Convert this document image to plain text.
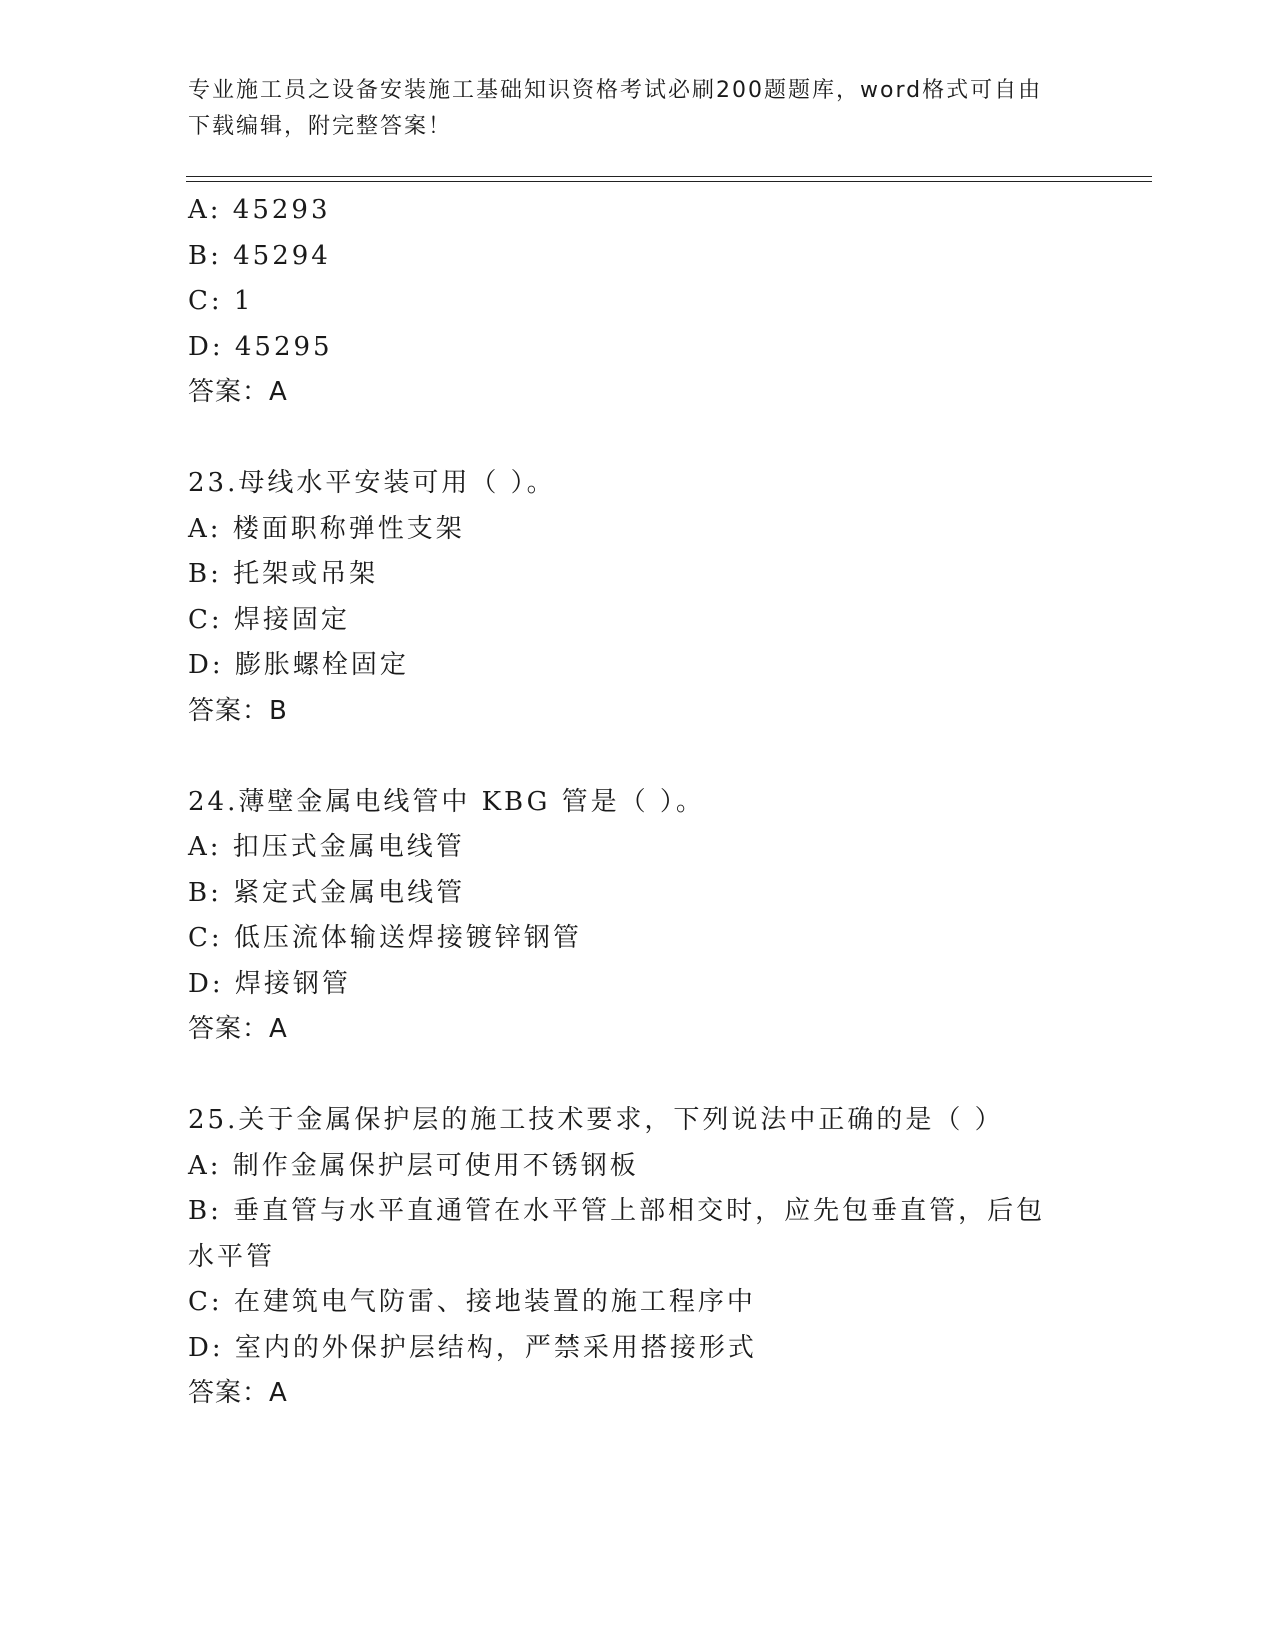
专业施工员之设备安装施工基础知识资格考试必刷200题题库，word格式可自由
下载编辑，附完整答案！
A: 45293
B: 45294
C: 1
D: 45295
答案：A
23.母线水平安装可用（ ）。
A: 楼面职称弹性支架
B: 托架或吊架
C: 焊接固定
D: 膨胀螺栓固定
答案：B
24.薄壁金属电线管中 KBG 管是（ ）。
A: 扣压式金属电线管
B: 紧定式金属电线管
C: 低压流体输送焊接镀锌钢管
D: 焊接钢管
答案：A
25.关于金属保护层的施工技术要求，下列说法中正确的是（ ）
A: 制作金属保护层可使用不锈钢板
B: 垂直管与水平直通管在水平管上部相交时，应先包垂直管，后包水平管
C: 在建筑电气防雷、接地装置的施工程序中
D: 室内的外保护层结构，严禁采用搭接形式
答案：A
